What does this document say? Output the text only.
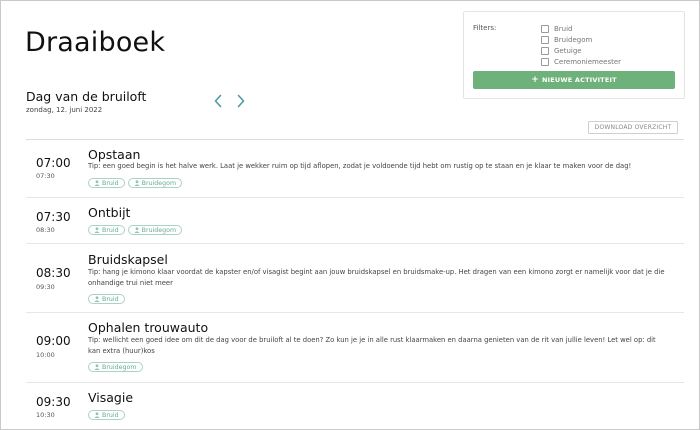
Draaiboek	Filters:	Bruid
Bruidegom
Getuige
Ceremoniemeester
+ NIEUWE ACTIVITEIT
Dag van de bruiloft
zondag, 12. juni 2022
DOWNLOAD OVERZICHT
07:00
07:30
Opstaan
Tip: een goed begin is het halve werk. Laat je wekker ruim op tijd aflopen, zodat je voldoende tijd hebt om rustig op te staan en je klaar te maken voor de dag!
Bruid	Bruidegom
07:30
08:30
Ontbijt
Bruid	Bruidegom
08:30
09:30
Bruidskapsel
Tip: hang je kimono klaar voordat de kapster en/of visagist begint aan jouw bruidskapsel en bruidsmake-up. Het dragen van een kimono zorgt er namelijk voor dat je die onhandige trui niet meer
Bruid
09:00
10:00
Ophalen trouwauto
Tip: wellicht een goed idee om dit de dag voor de bruiloft al te doen? Zo kun je je in alle rust klaarmaken en daarna genieten van de rit van jullie leven! Let wel op: dit kan extra (huur)kos
Bruidegom
09:30
10:30
Visagie
Bruid
